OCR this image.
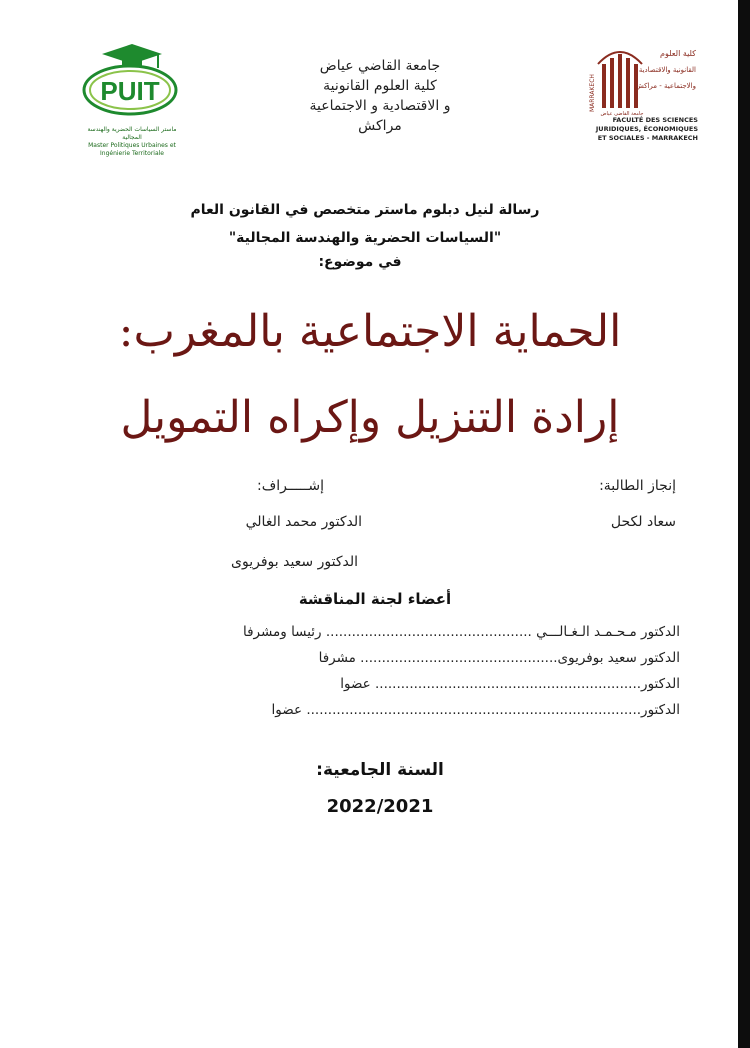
PUIT
ماستر السياسات الحضرية والهندسة المجالية
Master Politiques Urbaines et Ingénierie Territoriale
جامعة القاضي عياض
كلية العلوم القانونية
و الاقتصادية و الاجتماعية
مراكش
MARRAKECH
كلية العلوم
القانونية والاقتصادية
والاجتماعية - مراكش
جامعة القاضي عياض
FACULTÉ DES SCIENCES
JURIDIQUES, ÉCONOMIQUES
ET SOCIALES - MARRAKECH
رسالة لنيل دبلوم ماستر متخصص في القانون العام
"السياسات الحضرية والهندسة المجالية"
في موضوع:
الحماية الاجتماعية بالمغرب:
إرادة التنزيل وإكراه التمويل
إنجاز الطالبة:
إشـــــراف:
سعاد لكحل
الدكتور محمد الغالي
الدكتور سعيد بوفريوى
أعضاء لجنة المناقشة
الدكتور مـحـمـد الـغـالـــي ................................................ رئيسا ومشرفا
الدكتور سعيد بوفريوى.............................................. مشرفا
الدكتور.............................................................. عضوا
الدكتور.............................................................................. عضوا
السنة الجامعية:
2022/2021
